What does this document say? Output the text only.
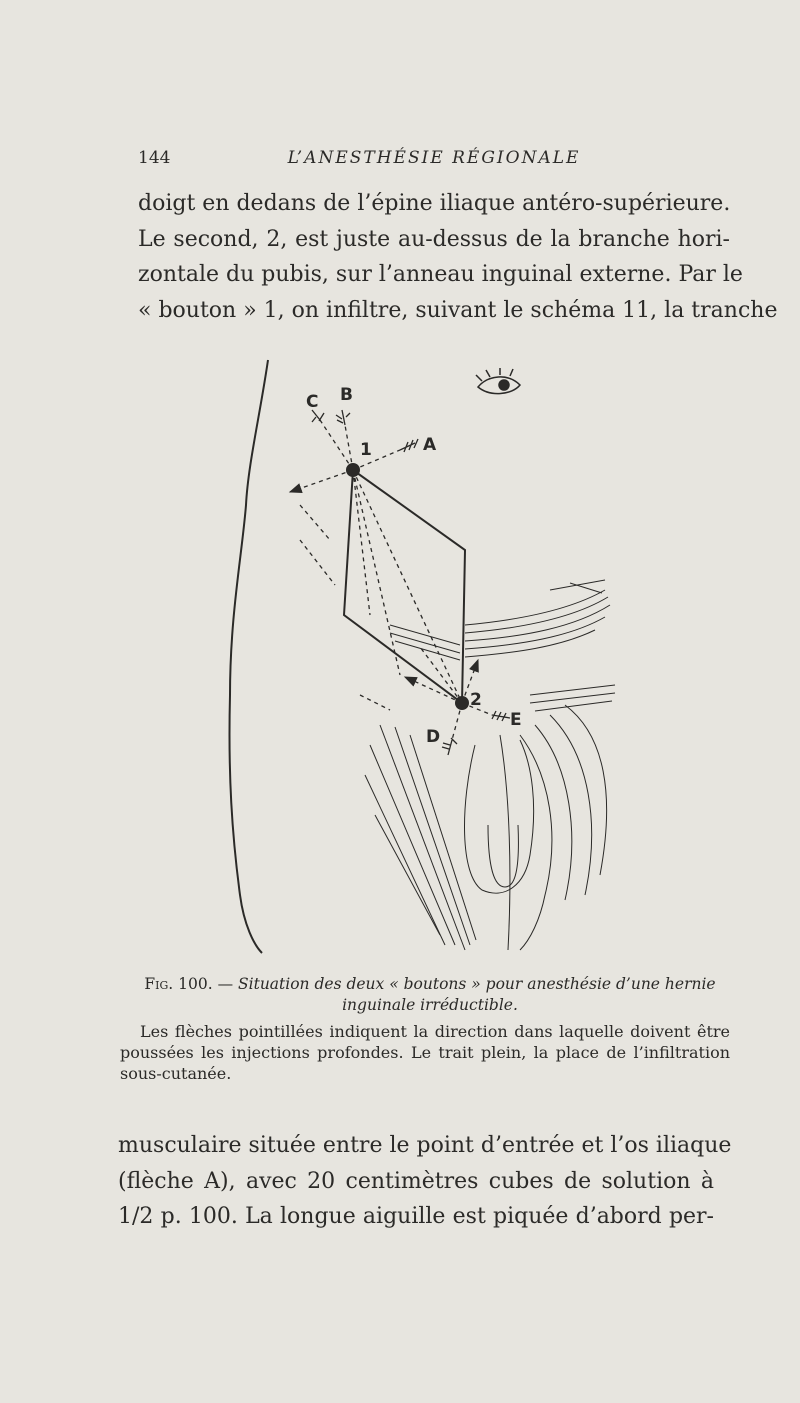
144	L’ANESTHÉSIE RÉGIONALE
doigt en dedans de l’épine iliaque antéro-supérieure.
Le second, 2, est juste au-dessus de la branche hori-
zontale du pubis, sur l’anneau inguinal externe. Par le
« bouton » 1, on infiltre, suivant le schéma 11, la tranche
C B
1	A
2
E
D
Fig. 100. — Situation des deux « boutons » pour anesthésie d’une hernie
inguinale irréductible.
Les flèches pointillées indiquent la direction dans laquelle doivent être poussées les injections profondes. Le trait plein, la place de l’infiltration sous-cutanée.
musculaire située entre le point d’entrée et l’os iliaque
(flèche A), avec 20 centimètres cubes de solution à
1/2 p. 100. La longue aiguille est piquée d’abord per-
